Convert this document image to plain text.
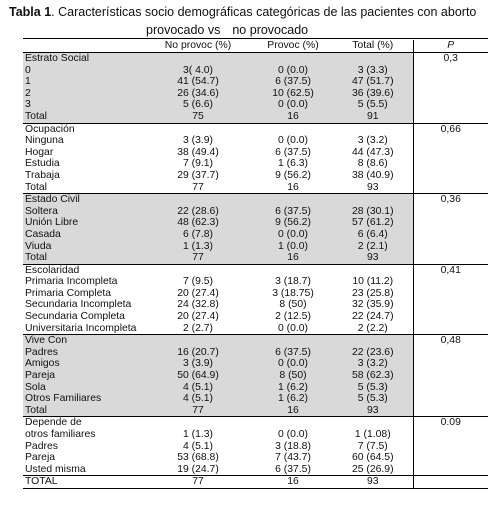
Tabla 1. Características socio demográficas categóricas de las pacientes con aborto
provocado vs no provocado
	No provoc (%)	Provoc (%)	Total (%)	P
Estrato Social				0,3
0	3( 4.0)	0 (0.0)	3 (3.3)	
1	41 (54.7)	6 (37.5)	47 (51.7)	
2	26 (34.6)	10 (62.5)	36 (39.6)	
3	5 (6.6)	0 (0.0)	5 (5.5)	
Total	75	16	91	
Ocupación				0,66
Ninguna	3 (3.9)	0 (0.0)	3 (3.2)	
Hogar	38 (49.4)	6 (37.5)	44 (47.3)	
Estudia	7 (9.1)	1 (6.3)	8 (8.6)	
Trabaja	29 (37.7)	9 (56.2)	38 (40.9)	
Total	77	16	93	
Estado Civil				0,36
Soltera	22 (28.6)	6 (37.5)	28 (30.1)	
Unión Libre	48 (62.3)	9 (56.2)	57 (61.2)	
Casada	6 (7.8)	0 (0.0)	6 (6.4)	
Viuda	1 (1.3)	1 (0.0)	2 (2.1)	
Total	77	16	93	
Escolaridad				0,41
Primaria Incompleta	7 (9.5)	3 (18.7)	10 (11.2)	
Primaria Completa	20 (27.4)	3 (18.75)	23 (25.8)	
Secundaria Incompleta	24 (32.8)	8 (50)	32 (35.9)	
Secundaria Completa	20 (27.4)	2 (12.5)	22 (24.7)	
Universitaria Incompleta	2 (2.7)	0 (0.0)	2 (2.2)	
Vive Con				0,48
Padres	16 (20.7)	6 (37.5)	22 (23.6)	
Amigos	3 (3.9)	0 (0.0)	3 (3.2)	
Pareja	50 (64.9)	8 (50)	58 (62.3)	
Sola	4 (5.1)	1 (6.2)	5 (5.3)	
Otros Familiares	4 (5.1)	1 (6.2)	5 (5.3)	
Total	77	16	93	
Depende de				0.09
otros familiares	1 (1.3)	0 (0.0)	1 (1.08)	
Padres	4 (5.1)	3 (18.8)	7 (7.5)	
Pareja	53 (68.8)	7 (43.7)	60 (64.5)	
Usted misma	19 (24.7)	6 (37.5)	25 (26.9)	
TOTAL	77	16	93	
